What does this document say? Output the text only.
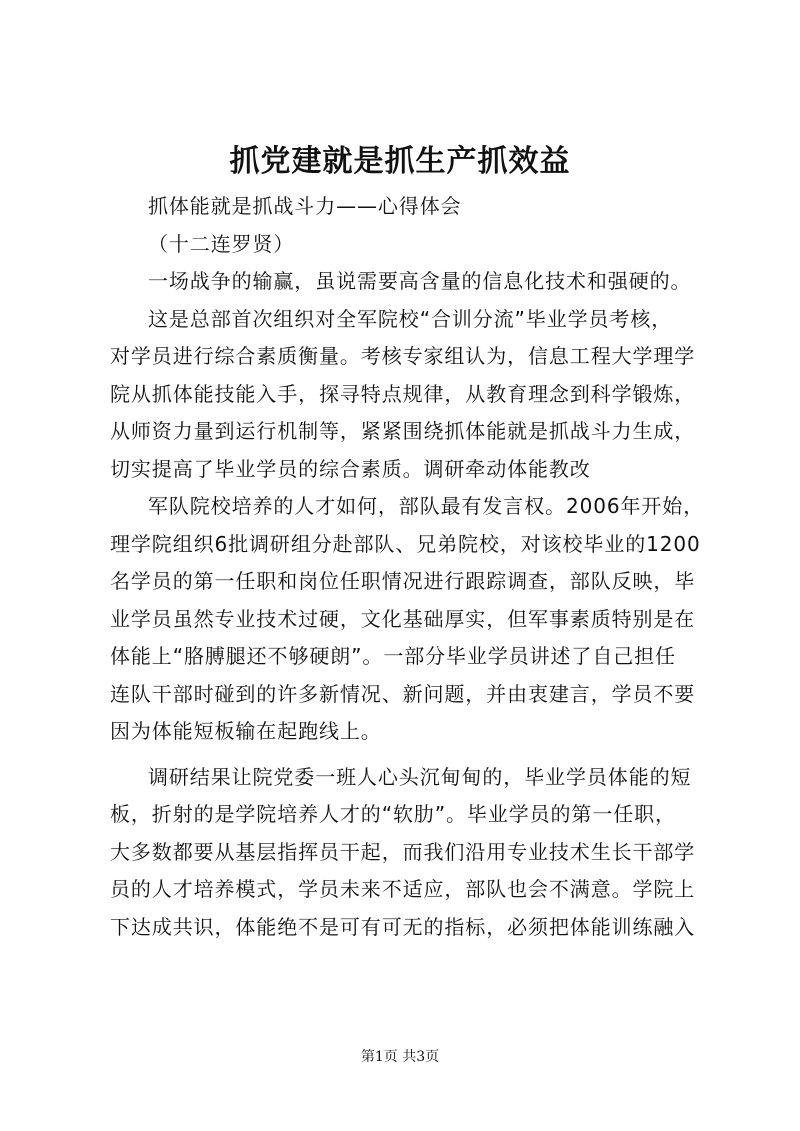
抓党建就是抓生产抓效益
抓体能就是抓战斗力——心得体会
（十二连罗贤）
一场战争的输赢，虽说需要高含量的信息化技术和强硬的。
这是总部首次组织对全军院校“合训分流”毕业学员考核，
对学员进行综合素质衡量。考核专家组认为，信息工程大学理学
院从抓体能技能入手，探寻特点规律，从教育理念到科学锻炼，
从师资力量到运行机制等，紧紧围绕抓体能就是抓战斗力生成，
切实提高了毕业学员的综合素质。调研牵动体能教改
军队院校培养的人才如何，部队最有发言权。2006年开始，
理学院组织6批调研组分赴部队、兄弟院校，对该校毕业的1200
名学员的第一任职和岗位任职情况进行跟踪调查，部队反映，毕
业学员虽然专业技术过硬，文化基础厚实，但军事素质特别是在
体能上“胳膊腿还不够硬朗”。一部分毕业学员讲述了自己担任
连队干部时碰到的许多新情况、新问题，并由衷建言，学员不要
因为体能短板输在起跑线上。
调研结果让院党委一班人心头沉甸甸的，毕业学员体能的短
板，折射的是学院培养人才的“软肋”。毕业学员的第一任职，
大多数都要从基层指挥员干起，而我们沿用专业技术生长干部学
员的人才培养模式，学员未来不适应，部队也会不满意。学院上
下达成共识，体能绝不是可有可无的指标，必须把体能训练融入
第1页 共3页
